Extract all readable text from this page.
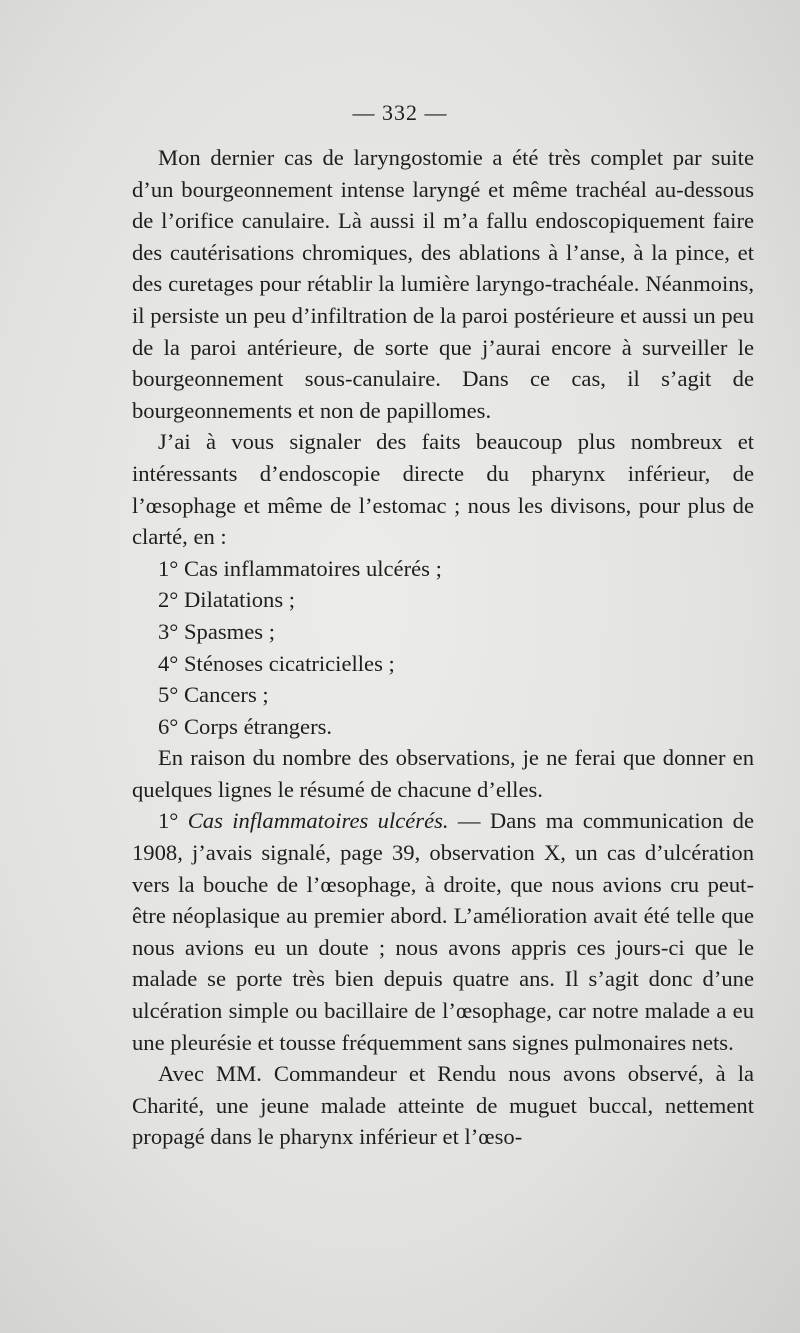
— 332 —

Mon dernier cas de laryngostomie a été très complet par suite d’un bourgeonnement intense laryngé et même trachéal au-dessous de l’orifice canulaire. Là aussi il m’a fallu endoscopiquement faire des cautérisations chromiques, des ablations à l’anse, à la pince, et des curetages pour rétablir la lumière laryngo-trachéale. Néanmoins, il persiste un peu d’infiltration de la paroi postérieure et aussi un peu de la paroi antérieure, de sorte que j’aurai encore à surveiller le bourgeonnement sous-canulaire. Dans ce cas, il s’agit de bourgeonnements et non de papillomes.

J’ai à vous signaler des faits beaucoup plus nombreux et intéressants d’endoscopie directe du pharynx inférieur, de l’œsophage et même de l’estomac ; nous les divisons, pour plus de clarté, en :

1° Cas inflammatoires ulcérés ;
2° Dilatations ;
3° Spasmes ;
4° Sténoses cicatricielles ;
5° Cancers ;
6° Corps étrangers.

En raison du nombre des observations, je ne ferai que donner en quelques lignes le résumé de chacune d’elles.

1° Cas inflammatoires ulcérés. — Dans ma communication de 1908, j’avais signalé, page 39, observation X, un cas d’ulcération vers la bouche de l’œsophage, à droite, que nous avions cru peut-être néoplasique au premier abord. L’amélioration avait été telle que nous avions eu un doute ; nous avons appris ces jours-ci que le malade se porte très bien depuis quatre ans. Il s’agit donc d’une ulcération simple ou bacillaire de l’œsophage, car notre malade a eu une pleurésie et tousse fréquemment sans signes pulmonaires nets.

Avec MM. Commandeur et Rendu nous avons observé, à la Charité, une jeune malade atteinte de muguet buccal, nettement propagé dans le pharynx inférieur et l’œso-
